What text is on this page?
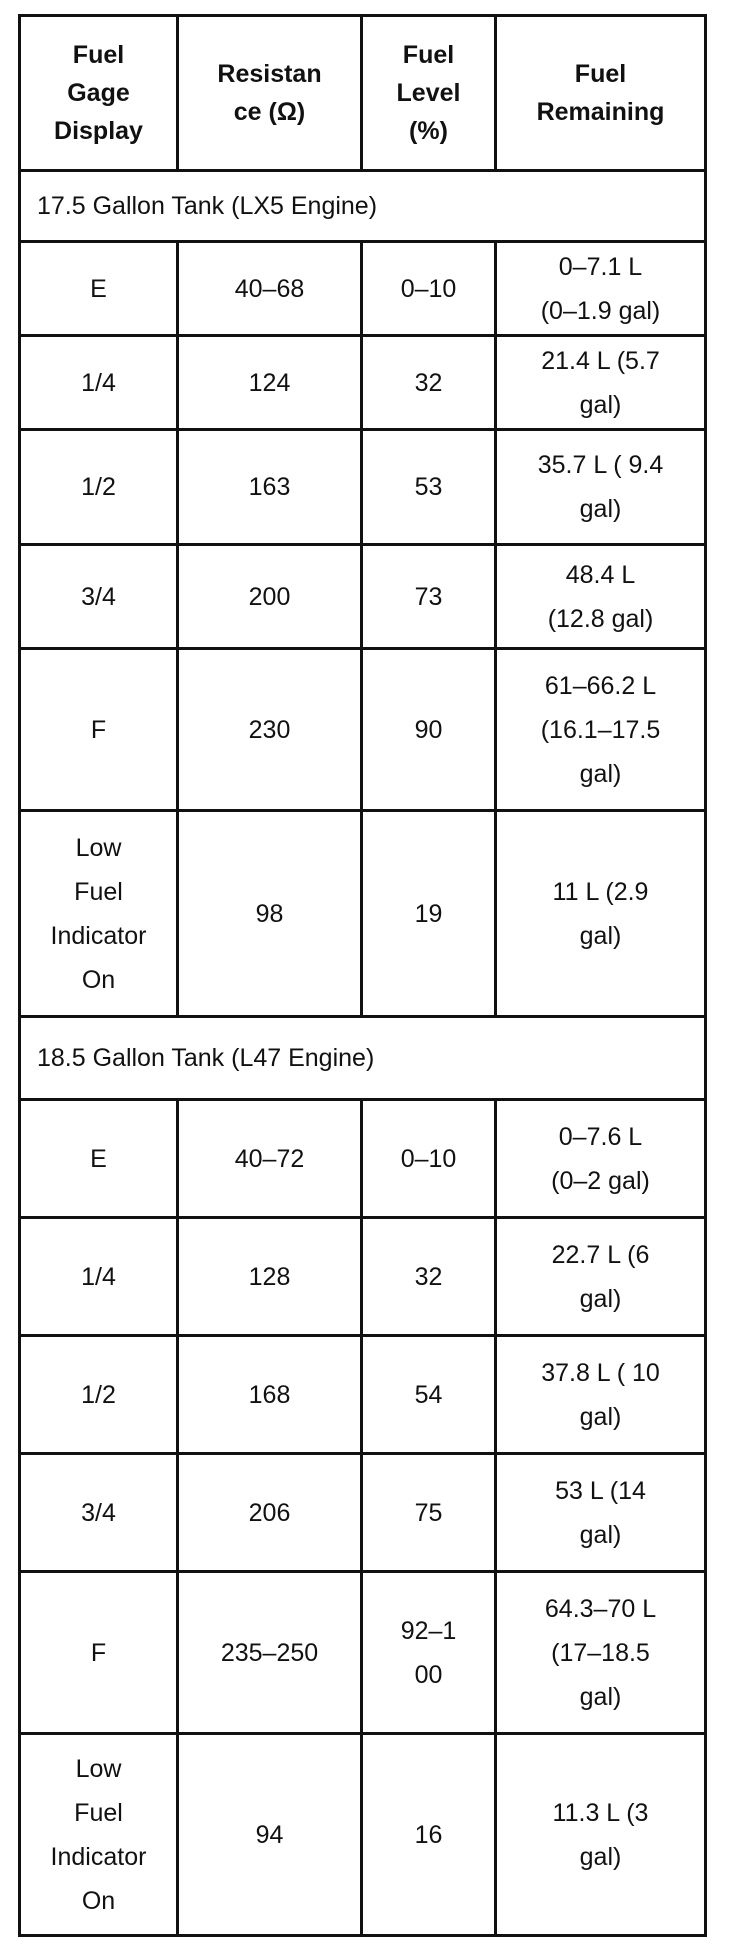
Fuel
Gage
Display	Resistan
ce (Ω)	Fuel
Level
(%)	Fuel
Remaining

17.5 Gallon Tank (LX5 Engine)			

E	40–68	0–10	0–7.1 L
(0–1.9 gal)

1/4	124	32	21.4 L (5.7
gal)

1/2	163	53	35.7 L ( 9.4
gal)

3/4	200	73	48.4 L
(12.8 gal)

F	230	90	61–66.2 L
(16.1–17.5
gal)

Low
Fuel
Indicator
On	98	19	11 L (2.9
gal)

18.5 Gallon Tank (L47 Engine)			

E	40–72	0–10	0–7.6 L
(0–2 gal)

1/4	128	32	22.7 L (6
gal)

1/2	168	54	37.8 L ( 10
gal)

3/4	206	75	53 L (14
gal)

F	235–250	92–1
00	64.3–70 L
(17–18.5
gal)

Low
Fuel
Indicator
On	94	16	11.3 L (3
gal)
